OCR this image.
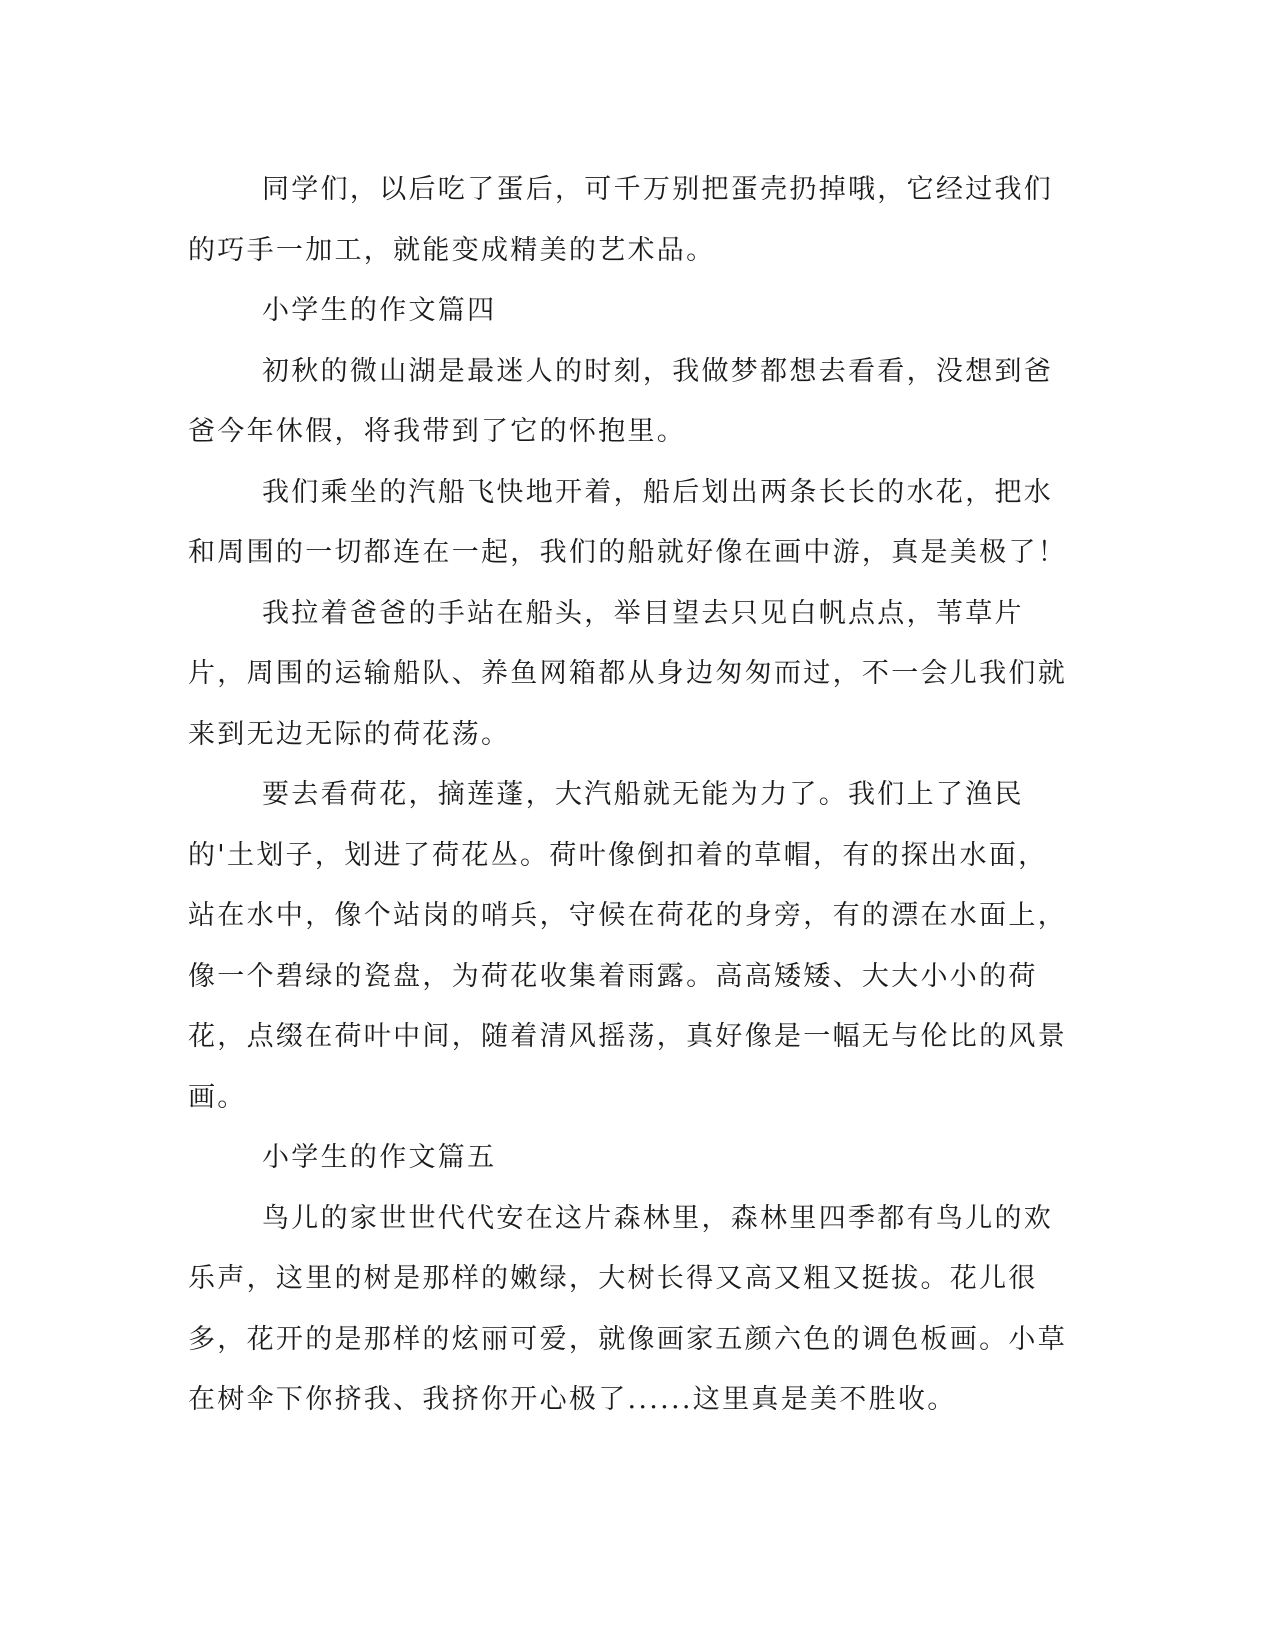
同学们，以后吃了蛋后，可千万别把蛋壳扔掉哦，它经过我们的巧手一加工，就能变成精美的艺术品。

小学生的作文篇四

初秋的微山湖是最迷人的时刻，我做梦都想去看看，没想到爸爸今年休假，将我带到了它的怀抱里。

我们乘坐的汽船飞快地开着，船后划出两条长长的水花，把水和周围的一切都连在一起，我们的船就好像在画中游，真是美极了！

我拉着爸爸的手站在船头，举目望去只见白帆点点，苇草片片，周围的运输船队、养鱼网箱都从身边匆匆而过，不一会儿我们就来到无边无际的荷花荡。

要去看荷花，摘莲蓬，大汽船就无能为力了。我们上了渔民的'土划子，划进了荷花丛。荷叶像倒扣着的草帽，有的探出水面，站在水中，像个站岗的哨兵，守候在荷花的身旁，有的漂在水面上，像一个碧绿的瓷盘，为荷花收集着雨露。高高矮矮、大大小小的荷花，点缀在荷叶中间，随着清风摇荡，真好像是一幅无与伦比的风景画。

小学生的作文篇五

鸟儿的家世世代代安在这片森林里，森林里四季都有鸟儿的欢乐声，这里的树是那样的嫩绿，大树长得又高又粗又挺拔。花儿很多，花开的是那样的炫丽可爱，就像画家五颜六色的调色板画。小草在树伞下你挤我、我挤你开心极了......这里真是美不胜收。
